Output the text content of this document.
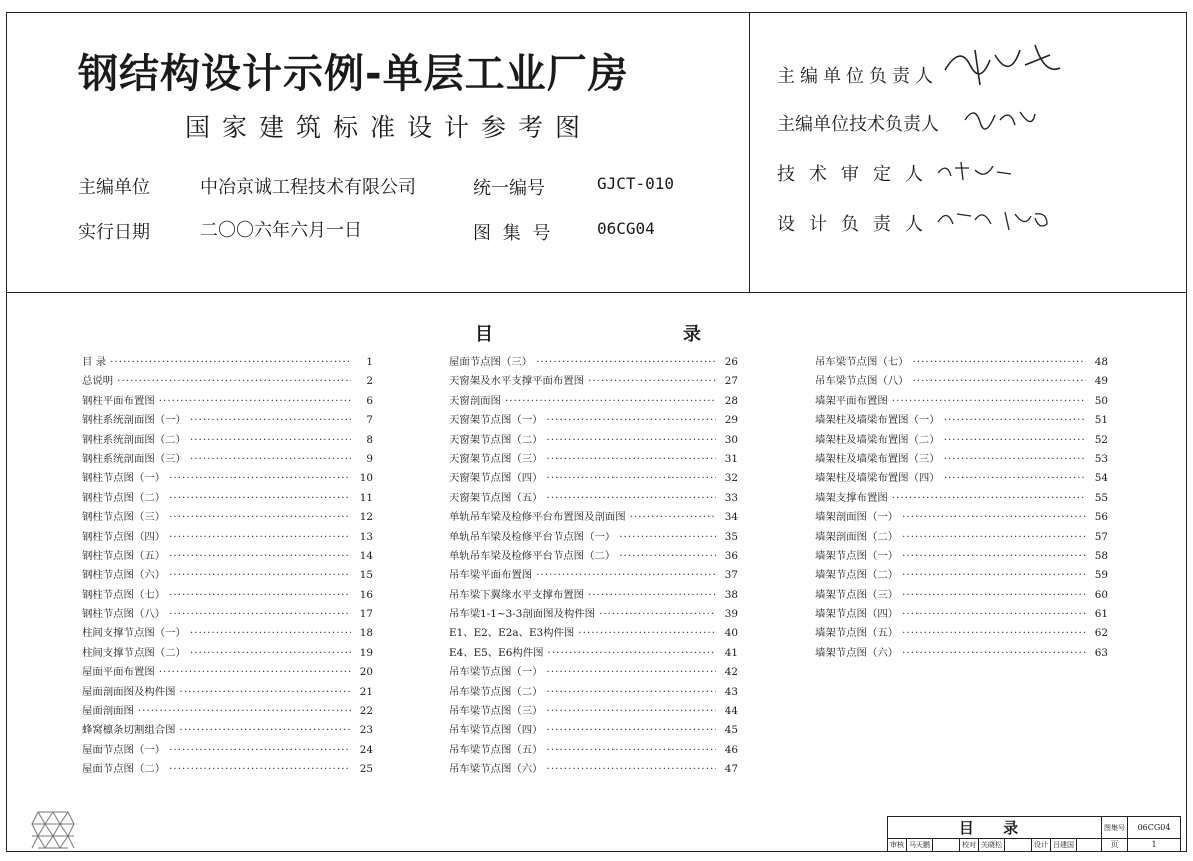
钢结构设计示例-单层工业厂房
国家建筑标准设计参考图
主编单位	中冶京诚工程技术有限公司
实行日期	二〇〇六年六月一日
统一编号	GJCT-010
图 集 号	06CG04
主编单位负责人
主编单位技术负责人
技术审定人
设计负责人
目	录
目 录 ·····	1
总说明 ·····	2
钢柱平面布置图 ·····	6
钢柱系统剖面图（一） ·····	7
钢柱系统剖面图（二） ·····	8
钢柱系统剖面图（三） ·····	9
钢柱节点图（一） ·····	10
钢柱节点图（二） ·····	11
钢柱节点图（三） ·····	12
钢柱节点图（四） ·····	13
钢柱节点图（五） ·····	14
钢柱节点图（六） ·····	15
钢柱节点图（七） ·····	16
钢柱节点图（八） ·····	17
柱间支撑节点图（一） ·····	18
柱间支撑节点图（二） ·····	19
屋面平面布置图 ·····	20
屋面剖面图及构件图 ·····	21
屋面剖面图 ·····	22
蜂窝檩条切割组合图 ·····	23
屋面节点图（一） ·····	24
屋面节点图（二） ·····	25
屋面节点图（三） ·····	26
天窗架及水平支撑平面布置图 ·····	27
天窗剖面图 ·····	28
天窗架节点图（一） ·····	29
天窗架节点图（二） ·····	30
天窗架节点图（三） ·····	31
天窗架节点图（四） ·····	32
天窗架节点图（五） ·····	33
单轨吊车梁及检修平台布置图及剖面图 ·····	34
单轨吊车梁及检修平台节点图（一） ·····	35
单轨吊车梁及检修平台节点图（二） ·····	36
吊车梁平面布置图 ·····	37
吊车梁下翼缘水平支撑布置图 ·····	38
吊车梁1-1~3-3剖面图及构件图 ·····	39
E1、E2、E2a、E3构件图 ·····	40
E4、E5、E6构件图 ·····	41
吊车梁节点图（一） ·····	42
吊车梁节点图（二） ·····	43
吊车梁节点图（三） ·····	44
吊车梁节点图（四） ·····	45
吊车梁节点图（五） ·····	46
吊车梁节点图（六） ·····	47
吊车梁节点图（七） ·····	48
吊车梁节点图（八） ·····	49
墙架平面布置图 ·····	50
墙架柱及墙梁布置图（一） ·····	51
墙架柱及墙梁布置图（二） ·····	52
墙架柱及墙梁布置图（三） ·····	53
墙架柱及墙梁布置图（四） ·····	54
墙架支撑布置图 ·····	55
墙架剖面图（一） ·····	56
墙架剖面图（二） ·····	57
墙架节点图（一） ·····	58
墙架节点图（二） ·····	59
墙架节点图（三） ·····	60
墙架节点图（四） ·····	61
墙架节点图（五） ·····	62
墙架节点图（六） ·····	63
目 录	图集号	06CG04
页	1
审核 马天鹏	校对 关晓松	设计 吕建国
